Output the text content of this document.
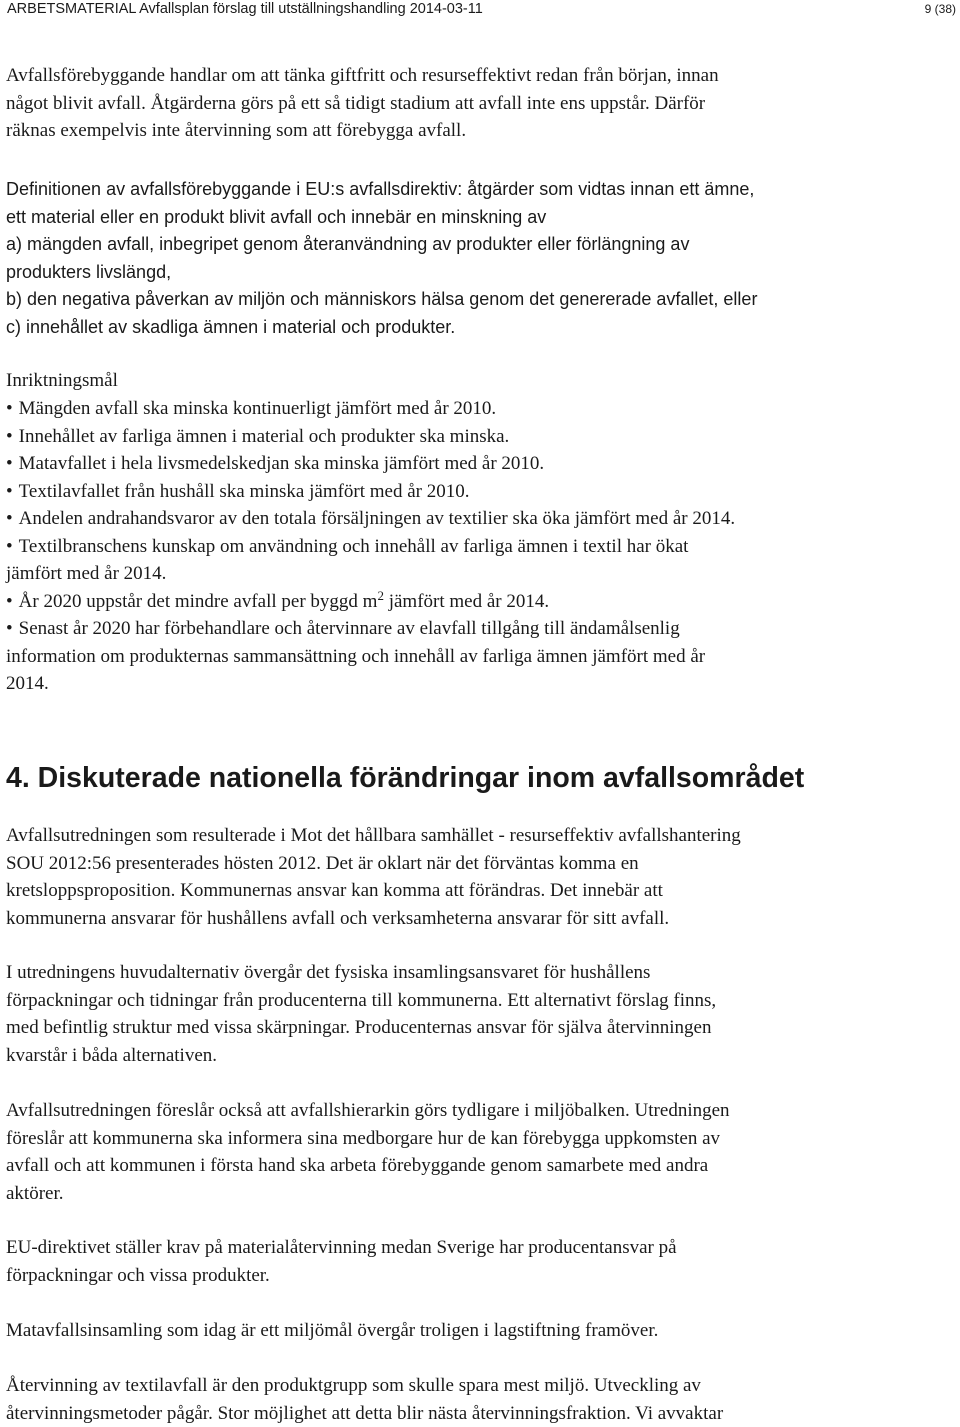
ARBETSMATERIAL Avfallsplan förslag till utställningshandling 2014-03-11	9 (38)
Avfallsförebyggande handlar om att tänka giftfritt och resurseffektivt redan från början, innan
något blivit avfall. Åtgärderna görs på ett så tidigt stadium att avfall inte ens uppstår. Därför
räknas exempelvis inte återvinning som att förebygga avfall.
Definitionen av avfallsförebyggande i EU:s avfallsdirektiv: åtgärder som vidtas innan ett ämne,
ett material eller en produkt blivit avfall och innebär en minskning av
a) mängden avfall, inbegripet genom återanvändning av produkter eller förlängning av
produkters livslängd,
b) den negativa påverkan av miljön och människors hälsa genom det genererade avfallet, eller
c) innehållet av skadliga ämnen i material och produkter.
Inriktningsmål
• Mängden avfall ska minska kontinuerligt jämfört med år 2010.
• Innehållet av farliga ämnen i material och produkter ska minska.
• Matavfallet i hela livsmedelskedjan ska minska jämfört med år 2010.
• Textilavfallet från hushåll ska minska jämfört med år 2010.
• Andelen andrahandsvaror av den totala försäljningen av textilier ska öka jämfört med år 2014.
• Textilbranschens kunskap om användning och innehåll av farliga ämnen i textil har ökat
jämfört med år 2014.
• År 2020 uppstår det mindre avfall per byggd $m^2$ jämfört med år 2014.
• Senast år 2020 har förbehandlare och återvinnare av elavfall tillgång till ändamålsenlig
information om produkternas sammansättning och innehåll av farliga ämnen jämfört med år
2014.
4. Diskuterade nationella förändringar inom avfallsområdet
Avfallsutredningen som resulterade i Mot det hållbara samhället - resurseffektiv avfallshantering
SOU 2012:56 presenterades hösten 2012. Det är oklart när det förväntas komma en
kretsloppsproposition. Kommunernas ansvar kan komma att förändras. Det innebär att
kommunerna ansvarar för hushållens avfall och verksamheterna ansvarar för sitt avfall.
I utredningens huvudalternativ övergår det fysiska insamlingsansvaret för hushållens
förpackningar och tidningar från producenterna till kommunerna. Ett alternativt förslag finns,
med befintlig struktur med vissa skärpningar. Producenternas ansvar för själva återvinningen
kvarstår i båda alternativen.
Avfallsutredningen föreslår också att avfallshierarkin görs tydligare i miljöbalken. Utredningen
föreslår att kommunerna ska informera sina medborgare hur de kan förebygga uppkomsten av
avfall och att kommunen i första hand ska arbeta förebyggande genom samarbete med andra
aktörer.
EU-direktivet ställer krav på materialåtervinning medan Sverige har producentansvar på
förpackningar och vissa produkter.
Matavfallsinsamling som idag är ett miljömål övergår troligen i lagstiftning framöver.
Återvinning av textilavfall är den produktgrupp som skulle spara mest miljö. Utveckling av
återvinningsmetoder pågår. Stor möjlighet att detta blir nästa återvinningsfraktion. Vi avvaktar
